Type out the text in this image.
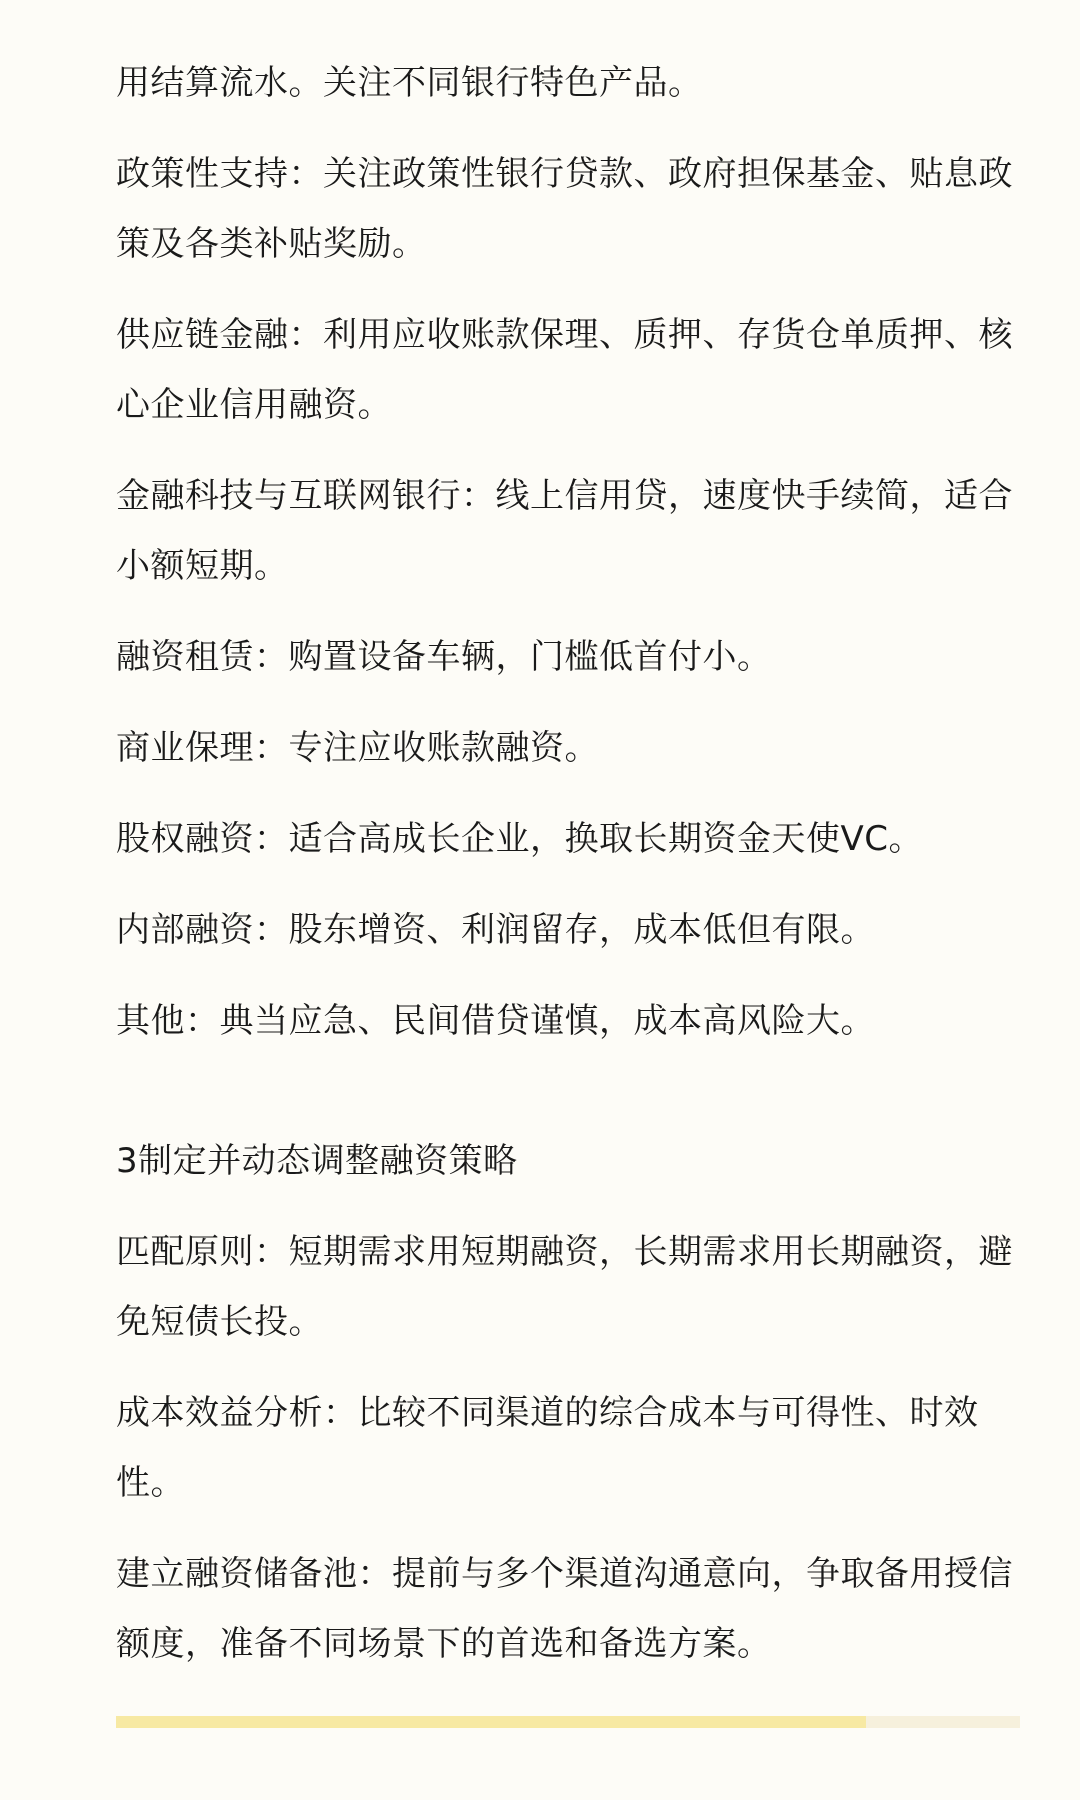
用结算流水。关注不同银行特色产品。

政策性支持：关注政策性银行贷款、政府担保基金、贴息政策及各类补贴奖励。

供应链金融：利用应收账款保理、质押、存货仓单质押、核心企业信用融资。

金融科技与互联网银行：线上信用贷，速度快手续简，适合小额短期。

融资租赁：购置设备车辆，门槛低首付小。

商业保理：专注应收账款融资。

股权融资：适合高成长企业，换取长期资金天使VC。

内部融资：股东增资、利润留存，成本低但有限。

其他：典当应急、民间借贷谨慎，成本高风险大。

3制定并动态调整融资策略

匹配原则：短期需求用短期融资，长期需求用长期融资，避免短债长投。

成本效益分析：比较不同渠道的综合成本与可得性、时效性。

建立融资储备池：提前与多个渠道沟通意向，争取备用授信额度，准备不同场景下的首选和备选方案。
